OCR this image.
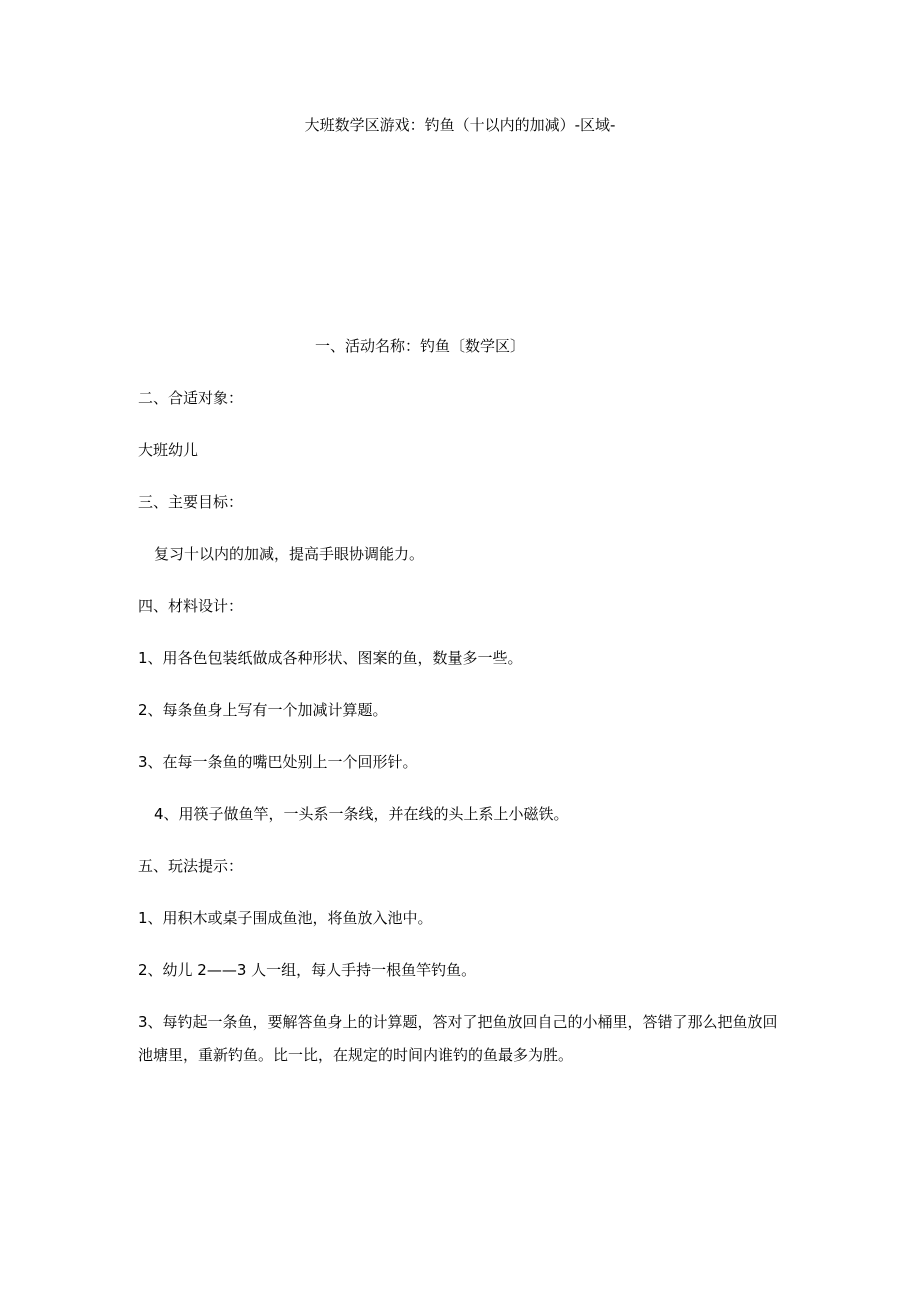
大班数学区游戏：钓鱼（十以内的加减）-区域-
一、活动名称：钓鱼〔数学区〕
二、合适对象：
大班幼儿
三、主要目标：
复习十以内的加减，提高手眼协调能力。
四、材料设计：
1、用各色包装纸做成各种形状、图案的鱼，数量多一些。
2、每条鱼身上写有一个加减计算题。
3、在每一条鱼的嘴巴处别上一个回形针。
4、用筷子做鱼竿，一头系一条线，并在线的头上系上小磁铁。
五、玩法提示：
1、用积木或桌子围成鱼池，将鱼放入池中。
2、幼儿 2——3 人一组，每人手持一根鱼竿钓鱼。
3、每钓起一条鱼，要解答鱼身上的计算题，答对了把鱼放回自己的小桶里，答错了那么把鱼放回池塘里，重新钓鱼。比一比，在规定的时间内谁钓的鱼最多为胜。
